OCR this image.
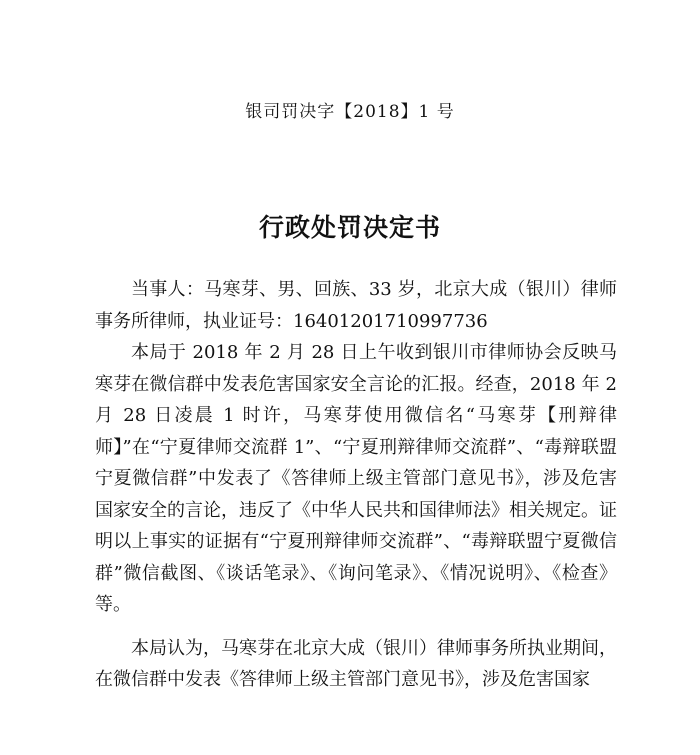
银司罚决字【2018】1 号
行政处罚决定书

当事人：马寒芽、男、回族、33 岁，北京大成（银川）律师事务所律师，执业证号：16401201710997736

本局于 2018 年 2 月 28 日上午收到银川市律师协会反映马寒芽在微信群中发表危害国家安全言论的汇报。经查，2018 年 2 月 28 日凌晨 1 时许，马寒芽使用微信名“马寒芽【刑辩律师】”在“宁夏律师交流群 1”、“宁夏刑辩律师交流群”、“毒辩联盟宁夏微信群”中发表了《答律师上级主管部门意见书》，涉及危害国家安全的言论，违反了《中华人民共和国律师法》相关规定。证明以上事实的证据有“宁夏刑辩律师交流群”、“毒辩联盟宁夏微信群”微信截图、《谈话笔录》、《询问笔录》、《情况说明》、《检查》等。

本局认为，马寒芽在北京大成（银川）律师事务所执业期间，在微信群中发表《答律师上级主管部门意见书》，涉及危害国家
